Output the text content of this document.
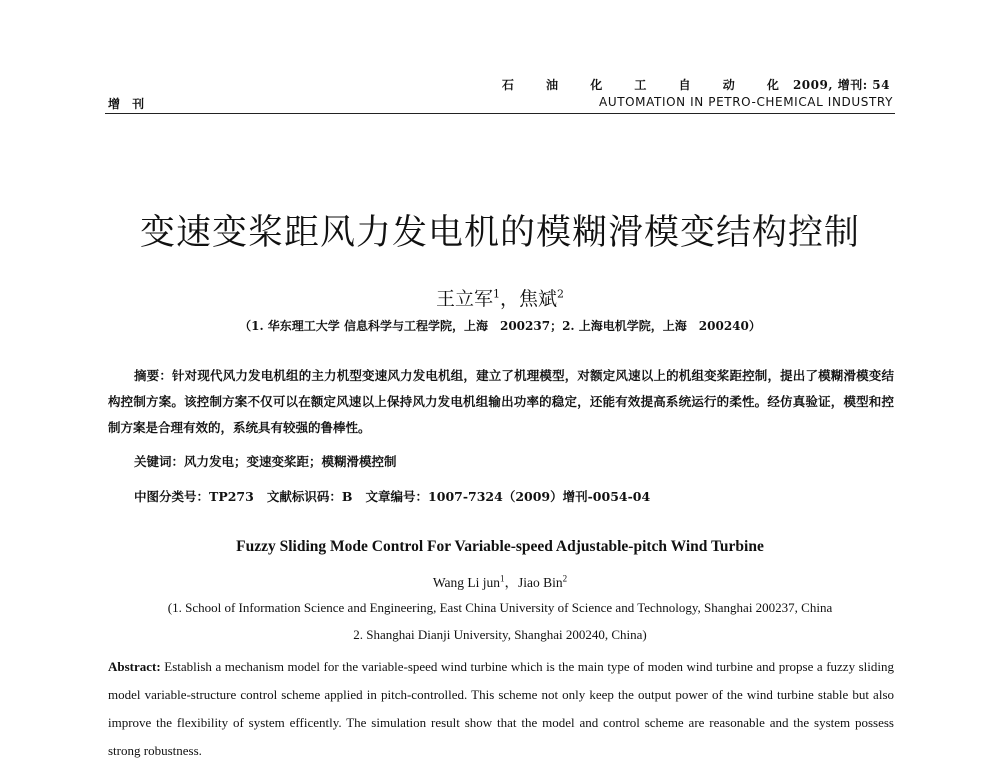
石 油 化 工 自 动 化2009, 增刊: 54
AUTOMATION IN PETRO-CHEMICAL INDUSTRY
增 刊
变速变桨距风力发电机的模糊滑模变结构控制
王立军$^1$，焦斌$^2$
（1. 华东理工大学 信息科学与工程学院，上海　200237；2. 上海电机学院，上海　200240）
摘要：针对现代风力发电机组的主力机型变速风力发电机组，建立了机理模型，对额定风速以上的机组变桨距控制，提出了模糊滑模变结构控制方案。该控制方案不仅可以在额定风速以上保持风力发电机组输出功率的稳定，还能有效提高系统运行的柔性。经仿真验证，模型和控制方案是合理有效的，系统具有较强的鲁棒性。
关键词：风力发电；变速变桨距；模糊滑模控制
中图分类号：TP273 文献标识码：B 文章编号：1007-7324（2009）增刊-0054-04
Fuzzy Sliding Mode Control For Variable-speed Adjustable-pitch Wind Turbine
Wang Li jun$^1$，Jiao Bin$^2$
(1. School of Information Science and Engineering, East China University of Science and Technology, Shanghai 200237, China
2. Shanghai Dianji University, Shanghai 200240, China)
Abstract: Establish a mechanism model for the variable-speed wind turbine which is the main type of moden wind turbine and propse a fuzzy sliding model variable-structure control scheme applied in pitch-controlled. This scheme not only keep the output power of the wind turbine stable but also improve the flexibility of system efficently. The simulation result show that the model and control scheme are reasonable and the system possess strong robustness.
